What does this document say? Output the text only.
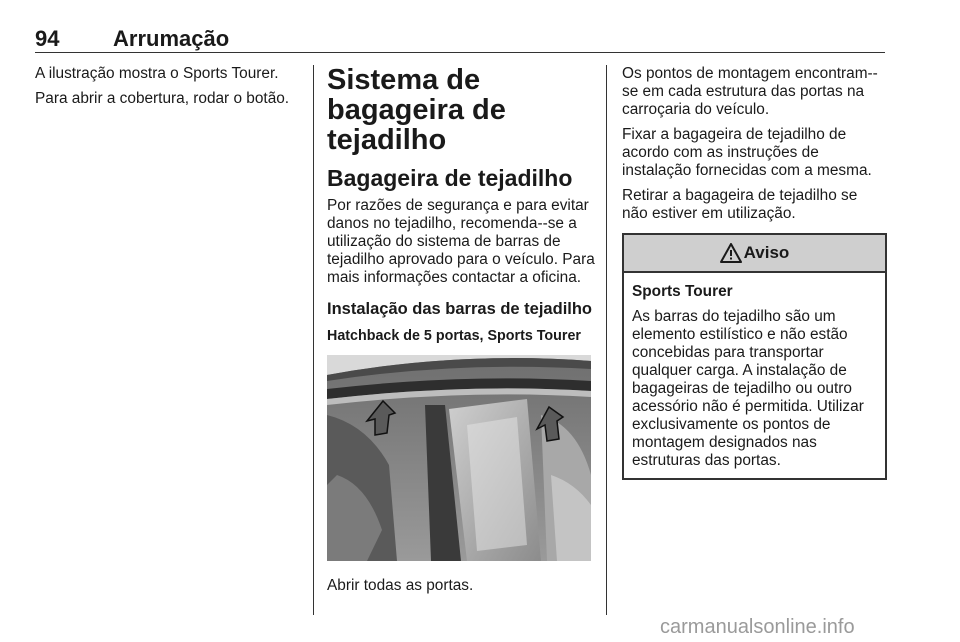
94 Arrumação

A ilustração mostra o Sports Tourer.

Para abrir a cobertura, rodar o botão.

Sistema de bagageira de tejadilho
Bagageira de tejadilho

Por razões de segurança e para evitar danos no tejadilho, recomenda--se a utilização do sistema de barras de tejadilho aprovado para o veículo. Para mais informações contactar a oficina.

Instalação das barras de tejadilho
Hatchback de 5 portas, Sports Tourer

Abrir todas as portas.

Os pontos de montagem encontram--se em cada estrutura das portas na carroçaria do veículo.

Fixar a bagageira de tejadilho de acordo com as instruções de instalação fornecidas com a mesma.

Retirar a bagageira de tejadilho se não estiver em utilização.

Aviso
Sports Tourer

As barras do tejadilho são um elemento estilístico e não estão concebidas para transportar qualquer carga. A instalação de bagageiras de tejadilho ou outro acessório não é permitida. Utilizar exclusivamente os pontos de montagem designados nas estruturas das portas.

carmanualsonline.info
